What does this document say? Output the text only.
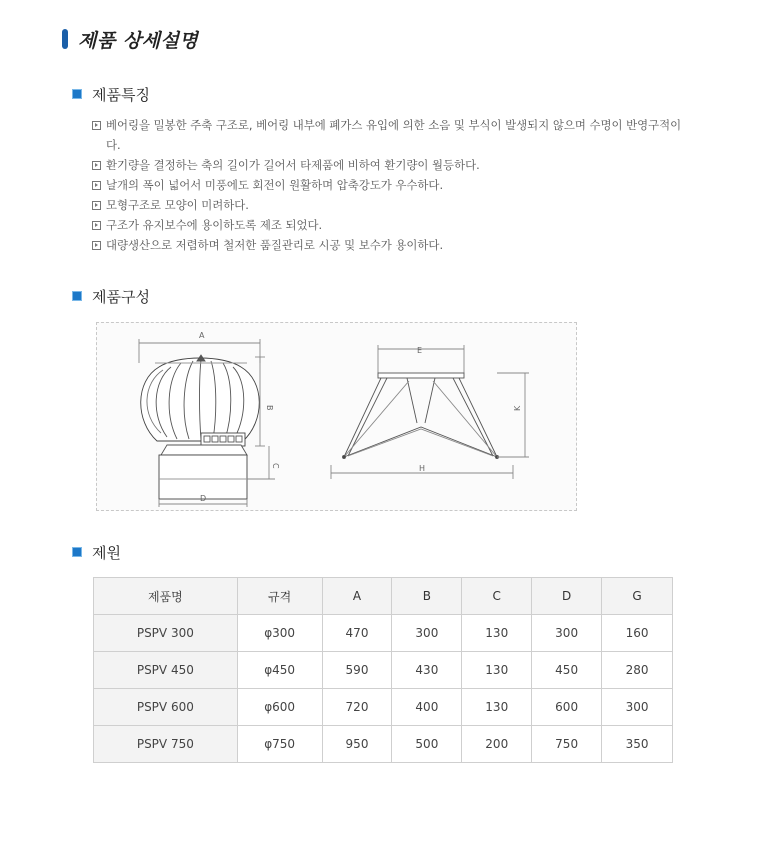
제품 상세설명
제품특징
베어링을 밀봉한 주축 구조로, 베어링 내부에 폐가스 유입에 의한 소음 및 부식이 발생되지 않으며 수명이 반영구적이다.
환기량을 결정하는 축의 길이가 길어서 타제품에 비하여 환기량이 월등하다.
날개의 폭이 넓어서 미풍에도 회전이 원활하며 압축강도가 우수하다.
모형구조로 모양이 미려하다.
구조가 유지보수에 용이하도록 제조 되었다.
대량생산으로 저렴하며 철저한 품질관리로 시공 및 보수가 용이하다.
제품구성
A
B
C
D
E
K
H
제원
제품명	규격	A	B	C	D	G
PSPV 300	φ300	470	300	130	300	160
PSPV 450	φ450	590	430	130	450	280
PSPV 600	φ600	720	400	130	600	300
PSPV 750	φ750	950	500	200	750	350
